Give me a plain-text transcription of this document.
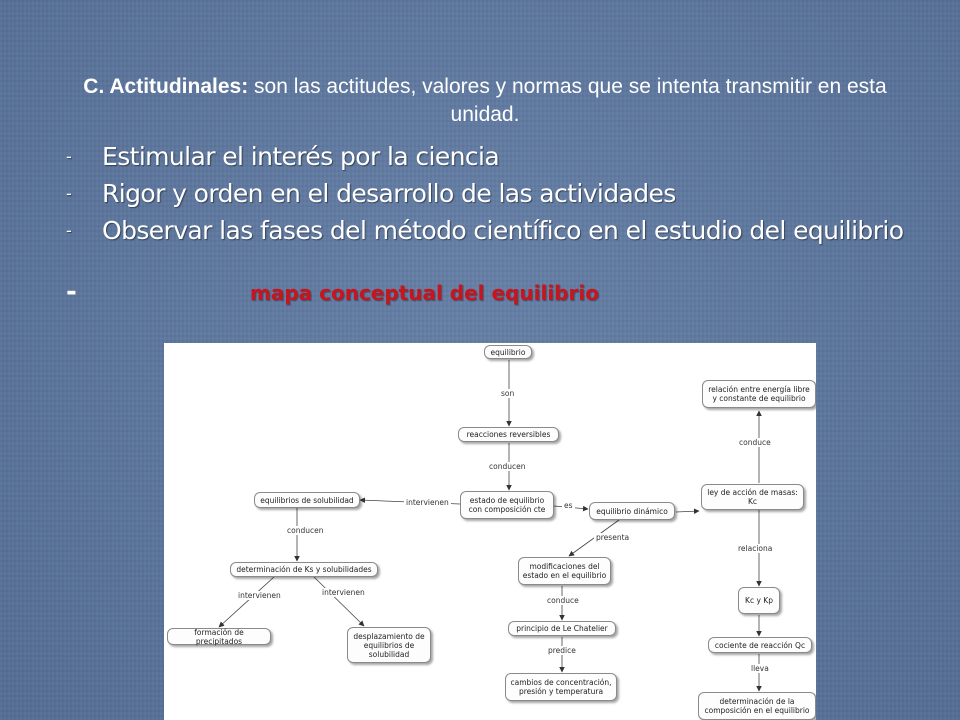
C. Actitudinales: son las actitudes, valores y normas que se intenta transmitir en esta unidad.
- Estimular el interés por la ciencia
- Rigor y orden en el desarrollo de las actividades
- Observar las fases del método científico en el estudio del equilibrio
-	mapa conceptual del equilibrio
equilibrio
reacciones reversibles
estado de equilibrio
con composición cte
equilibrios de solubilidad
determinación de Ks y solubilidades
formación de precipitados
desplazamiento de
equilibrios de
solubilidad
equilibrio dinámico
modificaciones del
estado en el equilibrio
principio de Le Chatelier
cambios de concentración,
presión y temperatura
relación entre energía libre
y constante de equilibrio
ley de acción de masas:
Kc
Kc y Kp
cociente de reacción Qc
determinación de la
composición en el equilibrio
son
conducen
intervienen	es
conducen
intervienen	intervienen
presenta
conduce
predice
conduce
relaciona
lleva
